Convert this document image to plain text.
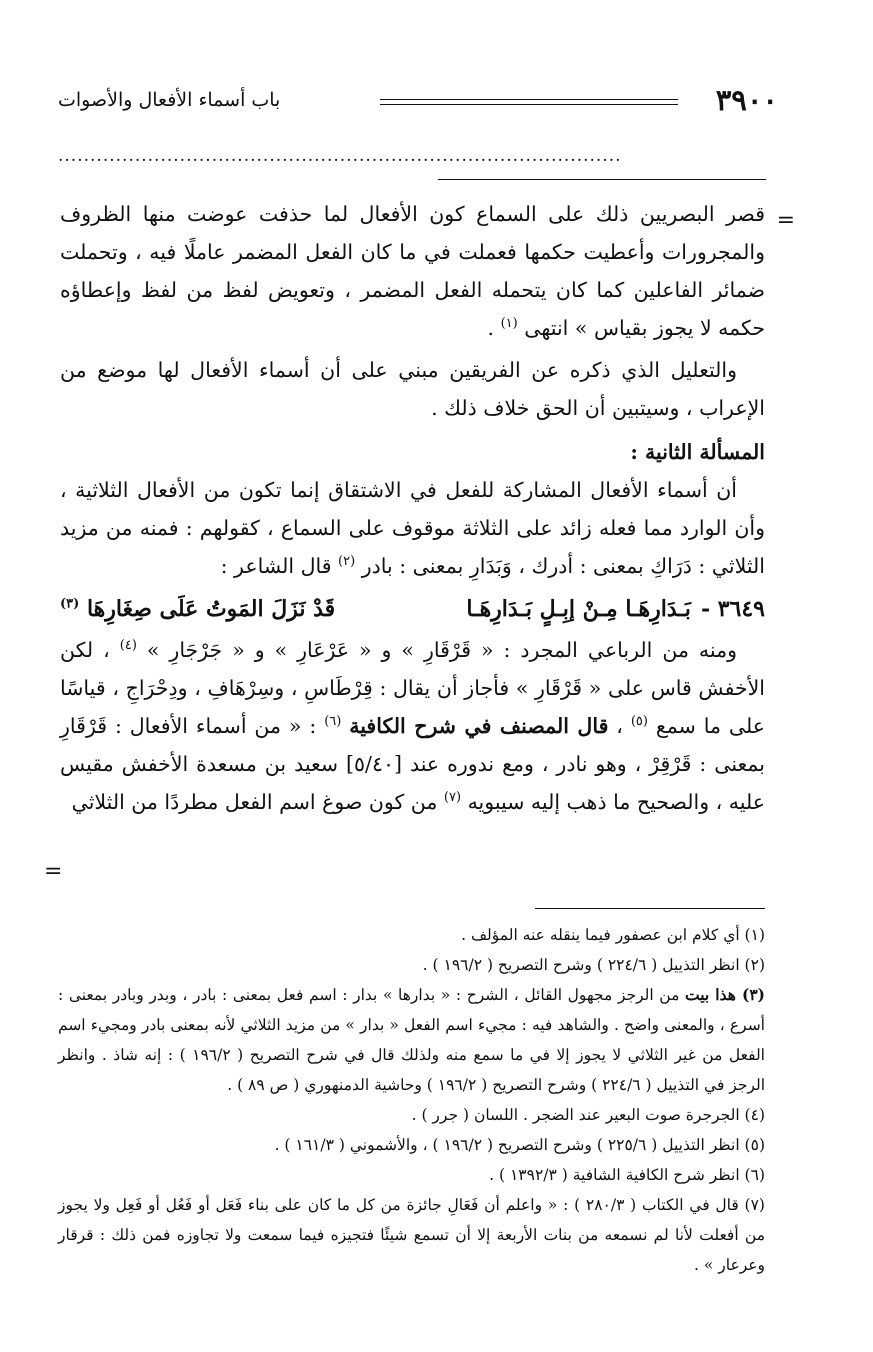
٣٩٠٠
باب أسماء الأفعال والأصوات
........................................................................................
=
=

قصر البصريين ذلك على السماع كون الأفعال لما حذفت عوضت منها الظروف والمجرورات وأعطيت حكمها فعملت في ما كان الفعل المضمر عاملًا فيه ، وتحملت ضمائر الفاعلين كما كان يتحمله الفعل المضمر ، وتعويض لفظ من لفظ وإعطاؤه حكمه لا يجوز بقياس » انتهى $^{(١)}$ .

والتعليل الذي ذكره عن الفريقين مبني على أن أسماء الأفعال لها موضع من الإعراب ، وسيتبين أن الحق خلاف ذلك .

المسألة الثانية :

أن أسماء الأفعال المشاركة للفعل في الاشتقاق إنما تكون من الأفعال الثلاثية ، وأن الوارد مما فعله زائد على الثلاثة موقوف على السماع ، كقولهم : فمنه من مزيد الثلاثي : دَرَاكِ بمعنى : أدرك ، وَبَدَارِ بمعنى : بادر $^{(٢)}$ قال الشاعر :

٣٦٤٩ -بَـدَارِهَـا مِـنْ إبِـلٍ بَـدَارِهَـا
قَدْ نَزَلَ المَوتُ عَلَى صِغَارِهَا $^{(٣)}$

ومنه من الرباعي المجرد : « قَرْقَارِ » و « عَرْعَارِ » و « جَرْجَارِ » $^{(٤)}$ ، لكن الأخفش قاس على « قَرْقَارِ » فأجاز أن يقال : قِرْطَاسِ ، وسِرْهَافِ ، ودِحْرَاجِ ، قياسًا على ما سمع $^{(٥)}$ ، قال المصنف في شرح الكافية $^{(٦)}$ : « من أسماء الأفعال : قَرْقَارِ بمعنى : قَرْقِرْ ، وهو نادر ، ومع ندوره عند [٥/٤٠] سعيد بن مسعدة الأخفش مقيس عليه ، والصحيح ما ذهب إليه سيبويه $^{(٧)}$ من كون صوغ اسم الفعل مطردًا من الثلاثي

(١) أي كلام ابن عصفور فيما ينقله عنه المؤلف .

(٢) انظر التذييل ( ٢٢٤/٦ ) وشرح التصريح ( ١٩٦/٢ ) .

(٣) هذا بيت من الرجز مجهول القائل ، الشرح : « بدارها » بدار : اسم فعل بمعنى : بادر ، وبدر وبادر بمعنى : أسرع ، والمعنى واضح . والشاهد فيه : مجيء اسم الفعل « بدار » من مزيد الثلاثي لأنه بمعنى بادر ومجيء اسم الفعل من غير الثلاثي لا يجوز إلا في ما سمع منه ولذلك قال في شرح التصريح ( ١٩٦/٢ ) : إنه شاذ . وانظر الرجز في التذييل ( ٢٢٤/٦ ) وشرح التصريح ( ١٩٦/٢ ) وحاشية الدمنهوري ( ص ٨٩ ) .

(٤) الجرجرة صوت البعير عند الضجر . اللسان ( جرر ) .

(٥) انظر التذييل ( ٢٢٥/٦ ) وشرح التصريح ( ١٩٦/٢ ) ، والأشموني ( ١٦١/٣ ) .

(٦) انظر شرح الكافية الشافية ( ١٣٩٢/٣ ) .

(٧) قال في الكتاب ( ٢٨٠/٣ ) : « واعلم أن فَعَالِ جائزة من كل ما كان على بناء فَعَل أو فَعُل أو فَعِل ولا يجوز من أفعلت لأنا لم نسمعه من بنات الأربعة إلا أن تسمع شيئًا فتجيزه فيما سمعت ولا تجاوزه فمن ذلك : قرقار وعرعار » .
